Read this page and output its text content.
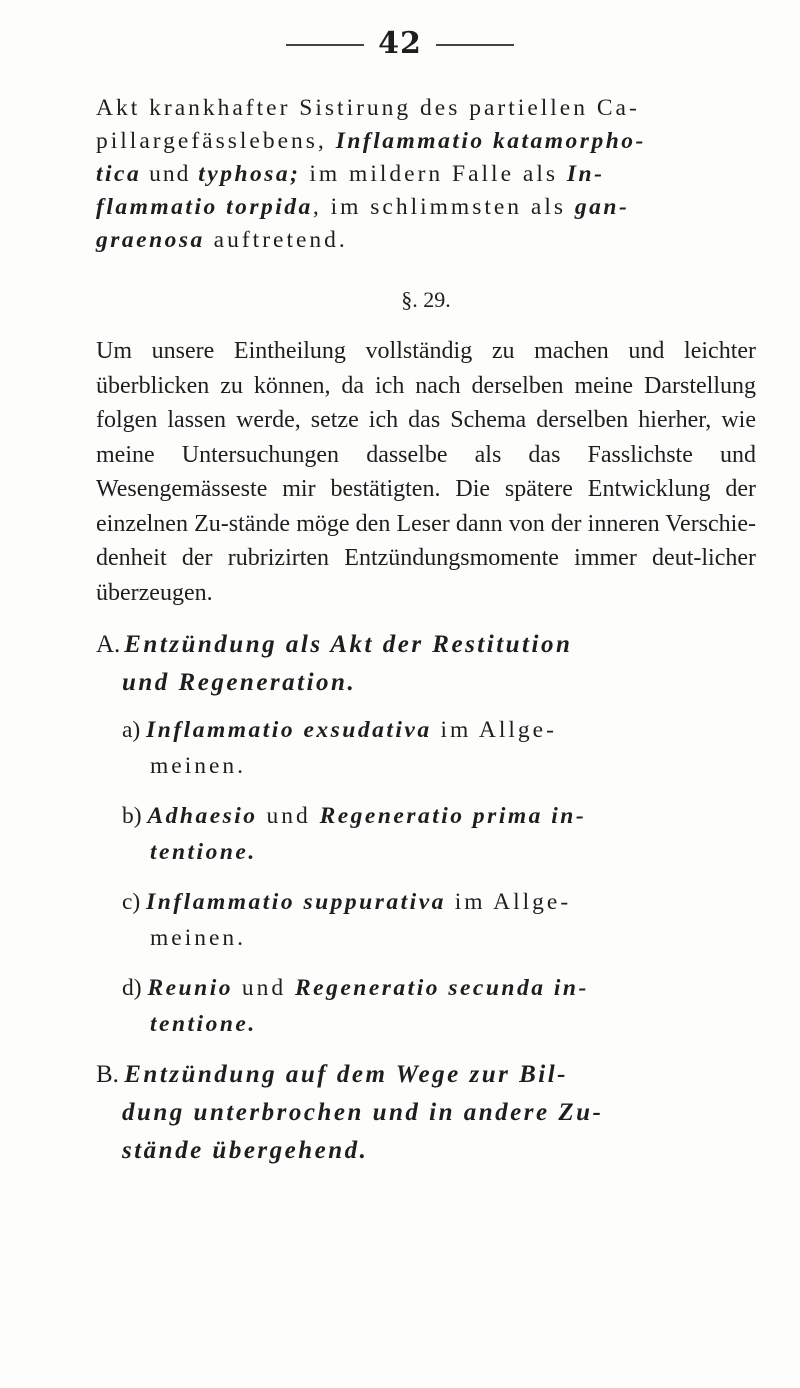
42

Akt krankhafter Sistirung des partiellen Ca-
pillargefässlebens, Inflammatio katamorpho-
tica und typhosa; im mildern Falle als In-
flammatio torpida, im schlimmsten als gan-
graenosa auftretend.

§. 29.

Um unsere Eintheilung vollständig zu machen und leichter überblicken zu können, da ich nach derselben meine Darstellung folgen lassen werde, setze ich das Schema derselben hierher, wie meine Untersuchungen dasselbe als das Fasslichste und Wesengemässeste mir bestätigten. Die spätere Entwicklung der einzelnen Zu-stände möge den Leser dann von der inneren Verschie-denheit der rubrizirten Entzündungsmomente immer deut-licher überzeugen.

A. Entzündung als Akt der Restitution
und Regeneration.
a) Inflammatio exsudativa im Allge-
meinen.
b) Adhaesio und Regeneratio prima in-
tentione.
c) Inflammatio suppurativa im Allge-
meinen.
d) Reunio und Regeneratio secunda in-
tentione.
B. Entzündung auf dem Wege zur Bil-
dung unterbrochen und in andere Zu-
stände übergehend.
